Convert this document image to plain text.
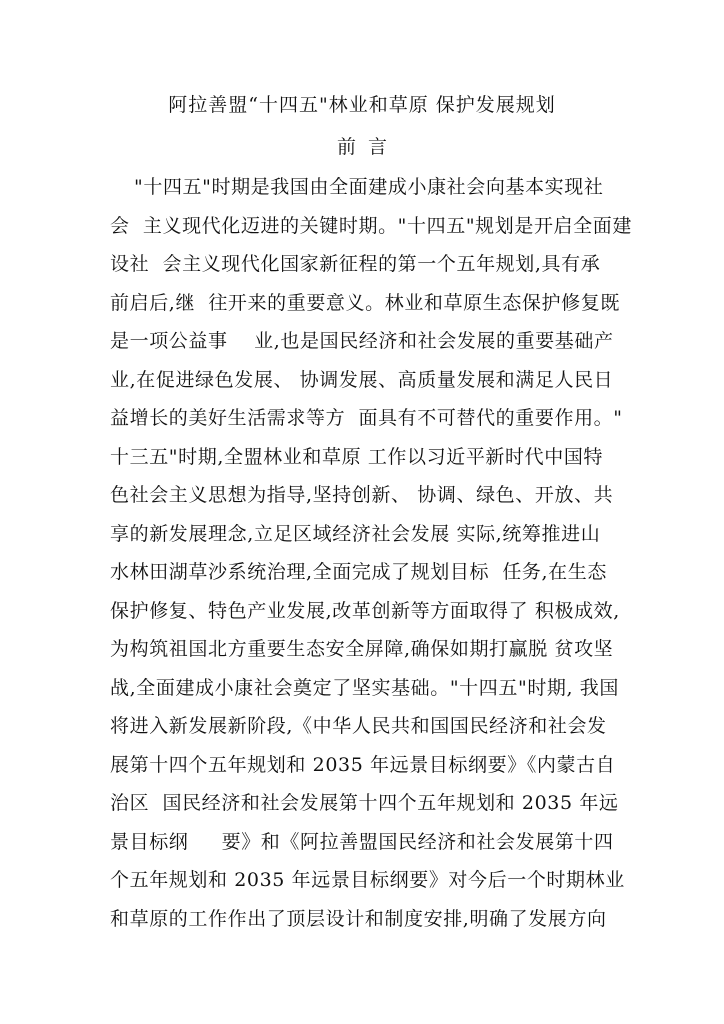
阿拉善盟“十四五"林业和草原 保护发展规划
前  言
"十四五"时期是我国由全面建成小康社会向基本实现社
会  主义现代化迈进的关键时期。"十四五"规划是开启全面建
设社  会主义现代化国家新征程的第一个五年规划,具有承
前启后,继  往开来的重要意义。林业和草原生态保护修复既
是一项公益事    业,也是国民经济和社会发展的重要基础产
业,在促进绿色发展、 协调发展、高质量发展和满足人民日
益增长的美好生活需求等方  面具有不可替代的重要作用。"
十三五"时期,全盟林业和草原 工作以习近平新时代中国特
色社会主义思想为指导,坚持创新、 协调、绿色、开放、共
享的新发展理念,立足区域经济社会发展 实际,统筹推进山
水林田湖草沙系统治理,全面完成了规划目标  任务,在生态
保护修复、特色产业发展,改革创新等方面取得了 积极成效,
为构筑祖国北方重要生态安全屏障,确保如期打赢脱 贫攻坚
战,全面建成小康社会奠定了坚实基础。"十四五"时期, 我国
将进入新发展新阶段,《中华人民共和国国民经济和社会发
展第十四个五年规划和 2035 年远景目标纲要》《内蒙古自
治区  国民经济和社会发展第十四个五年规划和 2035 年远
景目标纲     要》和《阿拉善盟国民经济和社会发展第十四
个五年规划和 2035 年远景目标纲要》对今后一个时期林业
和草原的工作作出了顶层设计和制度安排,明确了发展方向
